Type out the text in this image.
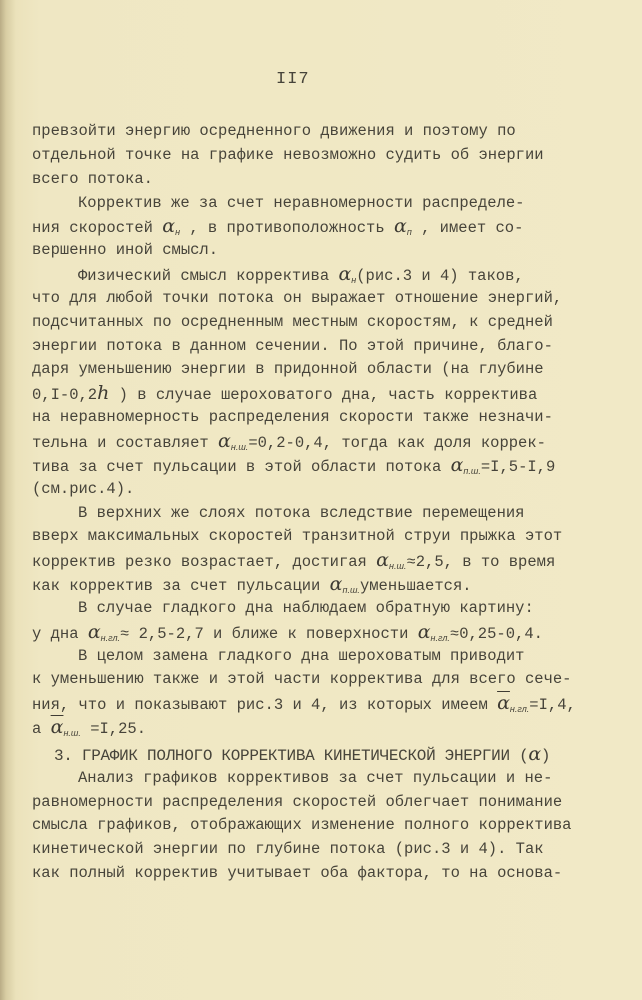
II7
превзойти энергию осредненного движения и поэтому по
отдельной точке на графике невозможно судить об энергии
всего потока.
Корректив же за счет неравномерности распределе-
ния скоростей $\alpha_н$ , в противоположность $\alpha_п$ , имеет со-
вершенно иной смысл.
Физический смысл корректива $\alpha_н(рис.3$ и 4) таков,
что для любой точки потока он выражает отношение энергий,
подсчитанных по осредненным местным скоростям, к средней
энергии потока в данном сечении. По этой причине, благо-
даря уменьшению энергии в придонной области (на глубине
0,I-0,2h ) в случае шероховатого дна, часть корректива
на неравномерность распределения скорости также незначи-
тельна и составляет $\alpha_{н.ш.}=0,2-0,4$, тогда как доля коррек-
тива за счет пульсации в этой области потока $\alpha_{п.ш.}=I,5-I,9$
(см.рис.4).
В верхних же слоях потока вследствие перемещения
вверх максимальных скоростей транзитной струи прыжка этот
корректив резко возрастает, достигая $\alpha_{н.ш.}\approx 2,5$, в то время
как корректив за счет пульсации $\alpha_{п.ш.}уменьшается$.
В случае гладкого дна наблюдаем обратную картину:
у дна $\alpha_{н.гл.}\approx 2,5-2,7$ и ближе к поверхности $\alpha_{н.гл.}\approx 0,25-0,4$.
В целом замена гладкого дна шероховатым приводит
к уменьшению также и этой части корректива для всего сече-
ния, что и показывают рис.3 и 4, из которых имеем $\overline{\alpha}_{н.гл.}=I,4$,
а $\overline{\alpha}_{н.ш.} =I,25$.
3. ГРАФИК ПОЛНОГО КОРРЕКТИВА КИНЕТИЧЕСКОЙ ЭНЕРГИИ (α)
Анализ графиков коррективов за счет пульсации и не-
равномерности распределения скоростей облегчает понимание
смысла графиков, отображающих изменение полного корректива
кинетической энергии по глубине потока (рис.3 и 4). Так
как полный корректив учитывает оба фактора, то на основа-
